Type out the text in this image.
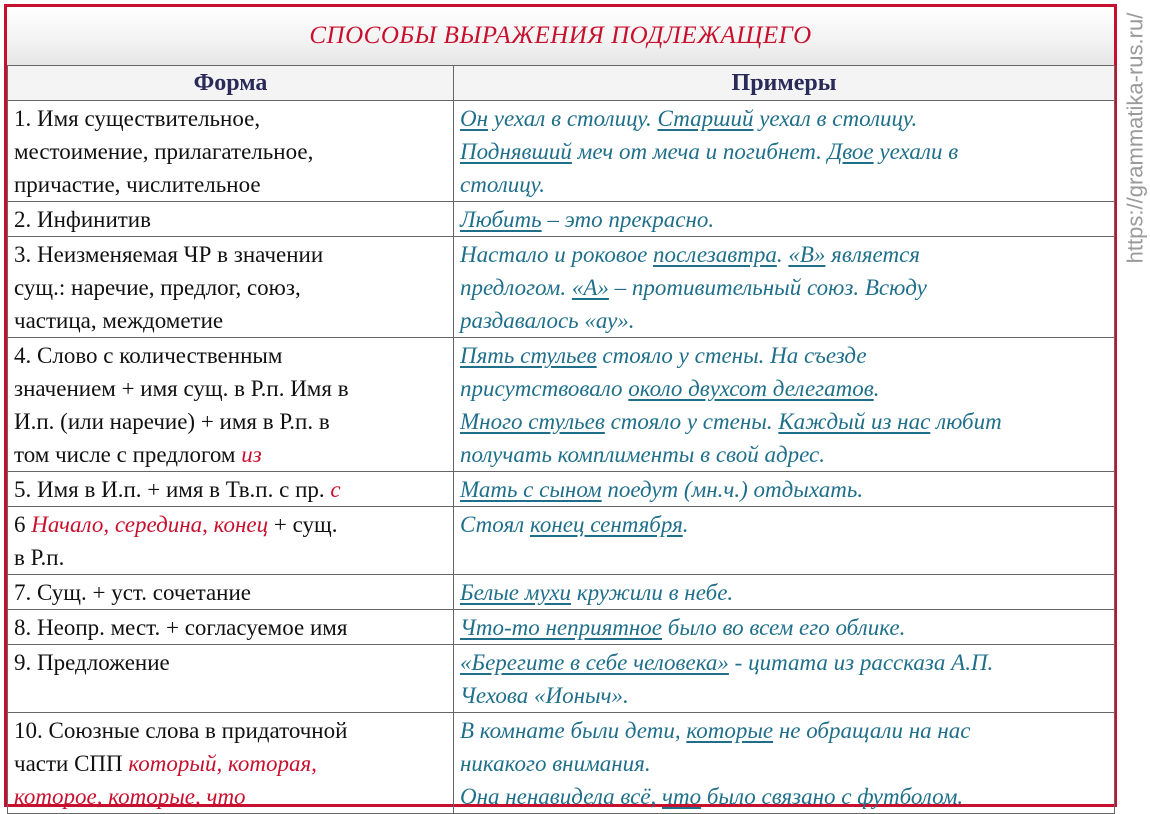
СПОСОБЫ ВЫРАЖЕНИЯ ПОДЛЕЖАЩЕГО
Форма	Примеры

1. Имя существительное,
местоимение, прилагательное,
причастие, числительное	Он уехал в столицу. Старший уехал в столицу.
Поднявший меч от меча и погибнет. Двое уехали в
столицу.

2. Инфинитив	Любить – это прекрасно.

3. Неизменяемая ЧР в значении
сущ.: наречие, предлог, союз,
частица, междометие	Настало и роковое послезавтра. «В» является
предлогом. «А» – противительный союз. Всюду
раздавалось «ау».

4. Слово с количественным
значением + имя сущ. в Р.п. Имя в
И.п. (или наречие) + имя в Р.п. в
том числе с предлогом из	Пять стульев стояло у стены. На съезде
присутствовало около двухсот делегатов.
Много стульев стояло у стены. Каждый из нас любит
получать комплименты в свой адрес.

5. Имя в И.п. + имя в Тв.п. с пр. с	Мать с сыном поедут (мн.ч.) отдыхать.

6 Начало, середина, конец + сущ.
в Р.п.	Стоял конец сентября.

7. Сущ. + уст. сочетание	Белые мухи кружили в небе.

8. Неопр. мест. + согласуемое имя	Что-то неприятное было во всем его облике.

9. Предложение	«Берегите в себе человека» - цитата из рассказа А.П.
Чехова «Ионыч».

10. Союзные слова в придаточной
части СПП который, которая,
которое, которые, что	В комнате были дети, которые не обращали на нас
никакого внимания.
Она ненавидела всё, что было связано с футболом.
https://grammatika-rus.ru/
